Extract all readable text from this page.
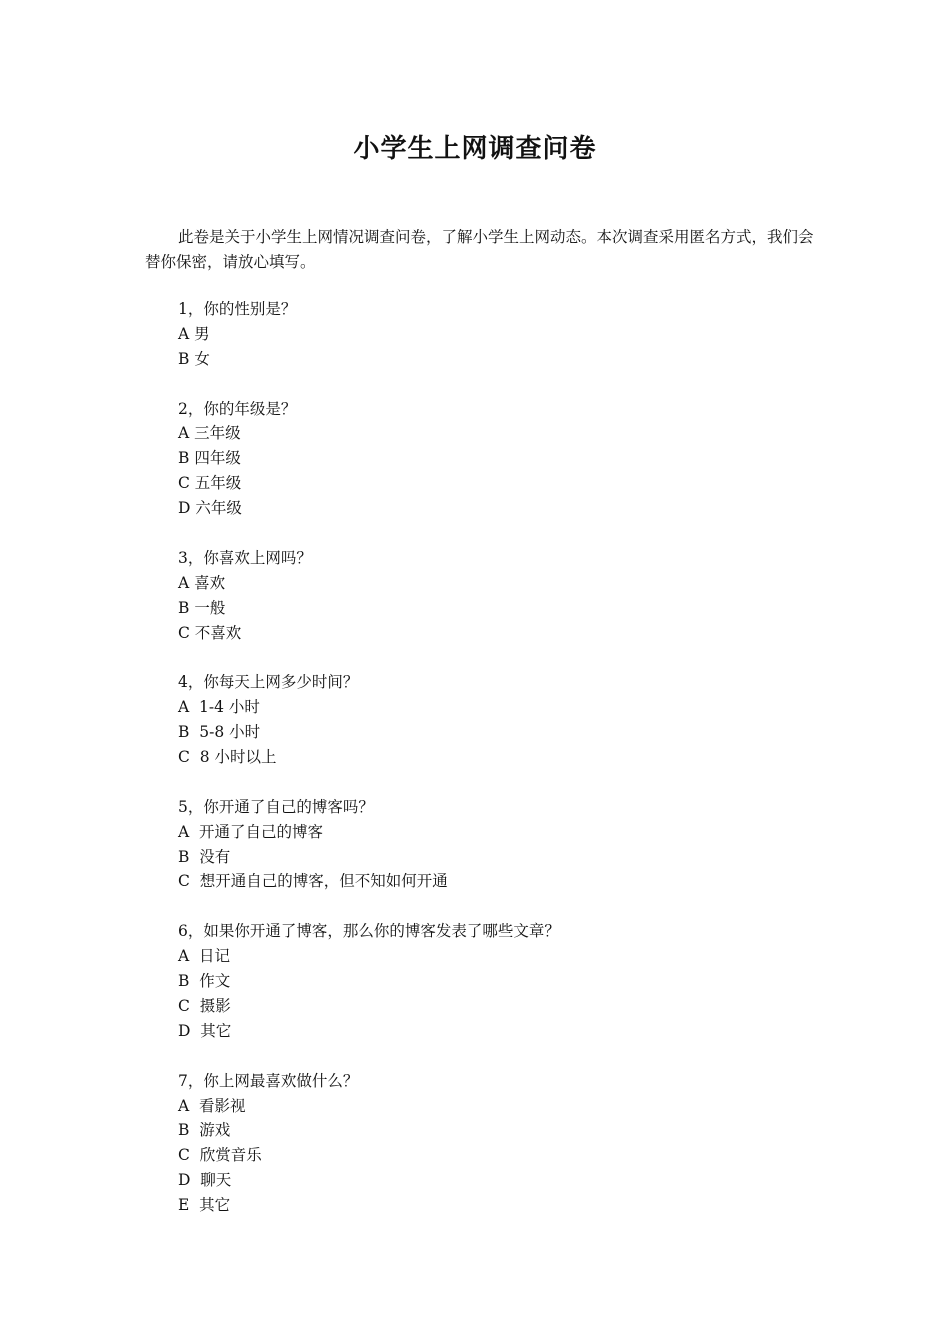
小学生上网调查问卷

此卷是关于小学生上网情况调查问卷，了解小学生上网动态。本次调查采用匿名方式，我们会替你保密，请放心填写。

1，你的性别是？
A 男
B 女
2，你的年级是？
A 三年级
B 四年级
C 五年级
D 六年级
3，你喜欢上网吗？
A 喜欢
B 一般
C 不喜欢
4，你每天上网多少时间？
A  1-4 小时
B  5-8 小时
C  8 小时以上
5，你开通了自己的博客吗？
A  开通了自己的博客
B  没有
C  想开通自己的博客，但不知如何开通
6，如果你开通了博客，那么你的博客发表了哪些文章？
A  日记
B  作文
C  摄影
D  其它
7，你上网最喜欢做什么？
A  看影视
B  游戏
C  欣赏音乐
D  聊天
E  其它
